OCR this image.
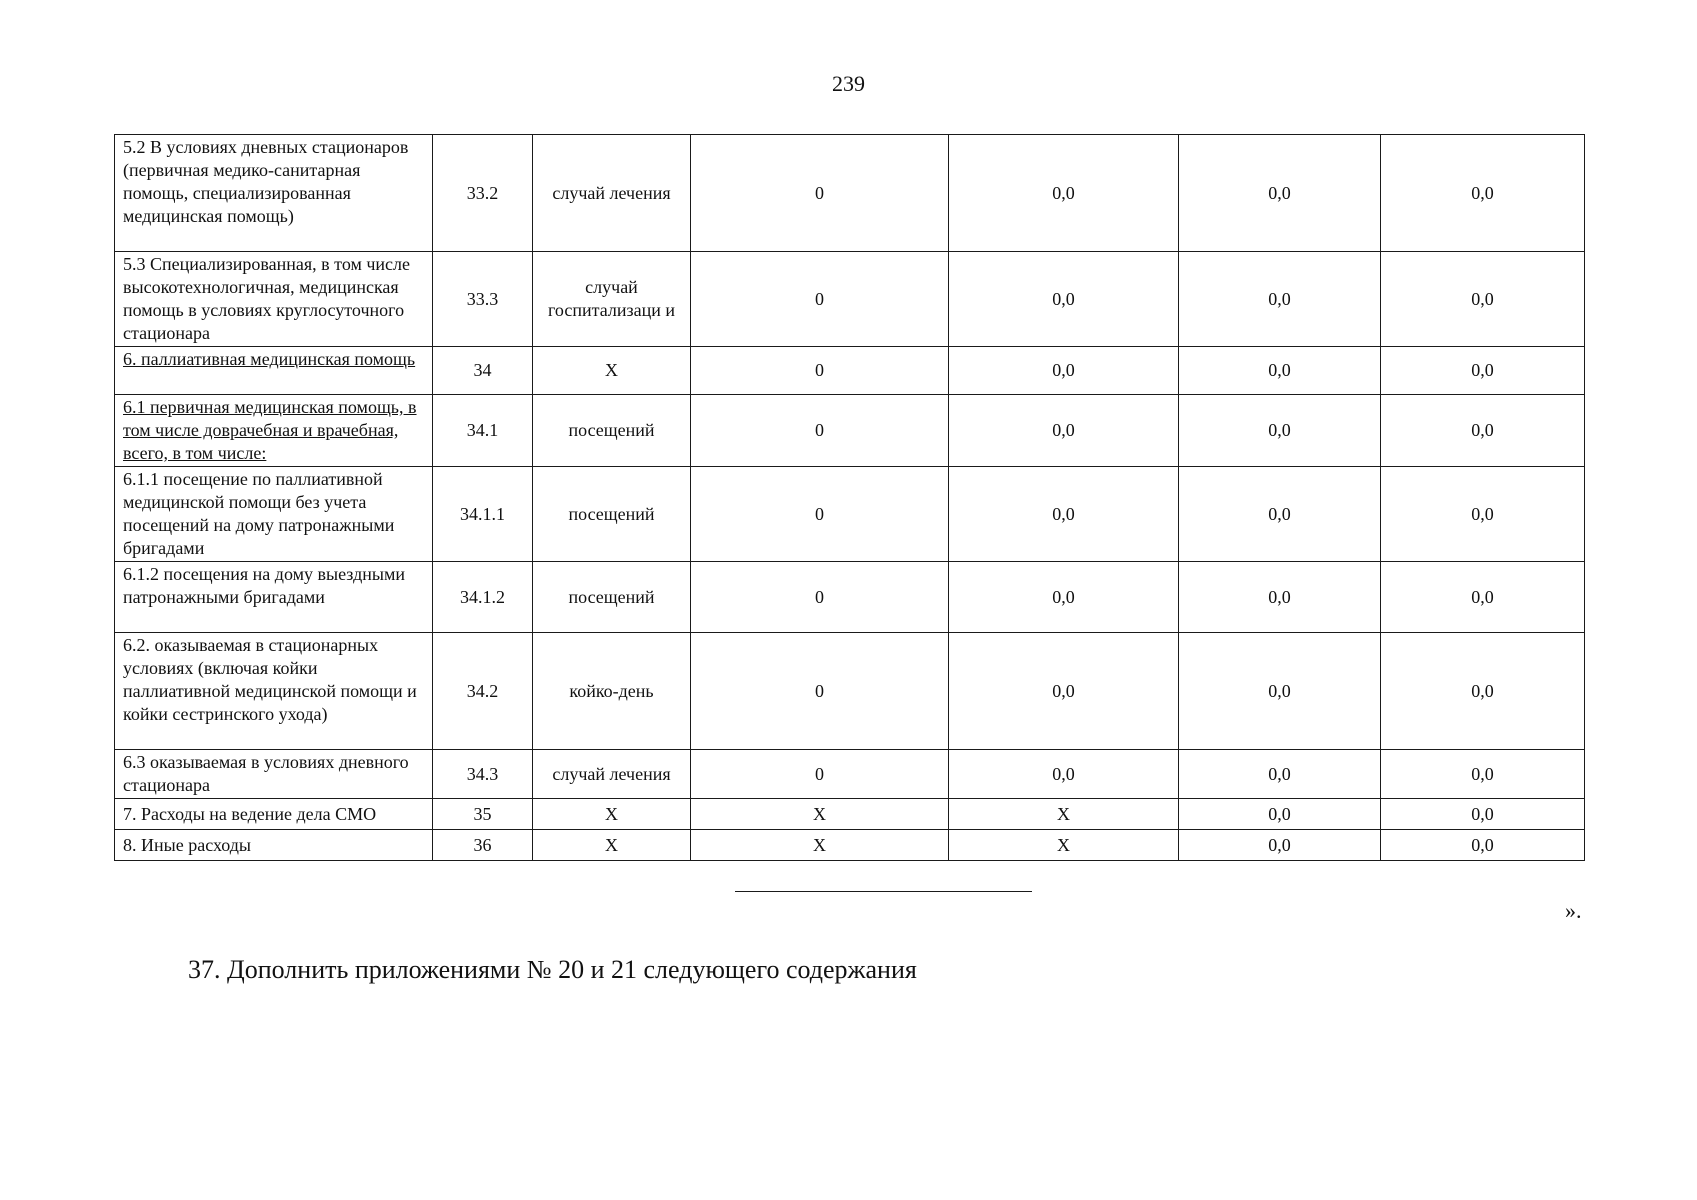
239
5.2 В условиях дневных стационаров (первичная медико-санитарная помощь, специализированная медицинская помощь)	33.2	случай лечения	0	0,0	0,0	0,0
5.3 Специализированная, в том числе высокотехнологичная, медицинская помощь в условиях круглосуточного стационара	33.3	случай госпитализаци и	0	0,0	0,0	0,0
6. паллиативная медицинская помощь	34	X	0	0,0	0,0	0,0
6.1 первичная медицинская помощь, в том числе доврачебная и врачебная, всего, в том числе:	34.1	посещений	0	0,0	0,0	0,0
6.1.1 посещение по паллиативной медицинской помощи без учета посещений на дому патронажными бригадами	34.1.1	посещений	0	0,0	0,0	0,0
6.1.2 посещения на дому выездными патронажными бригадами	34.1.2	посещений	0	0,0	0,0	0,0
6.2. оказываемая в стационарных условиях (включая койки паллиативной медицинской помощи и койки сестринского ухода)	34.2	койко-день	0	0,0	0,0	0,0
6.3 оказываемая в условиях дневного стационара	34.3	случай лечения	0	0,0	0,0	0,0
7. Расходы на ведение дела СМО	35	X	X	X	0,0	0,0
8. Иные расходы	36	X	X	X	0,0	0,0
».
37. Дополнить приложениями № 20 и 21 следующего содержания
